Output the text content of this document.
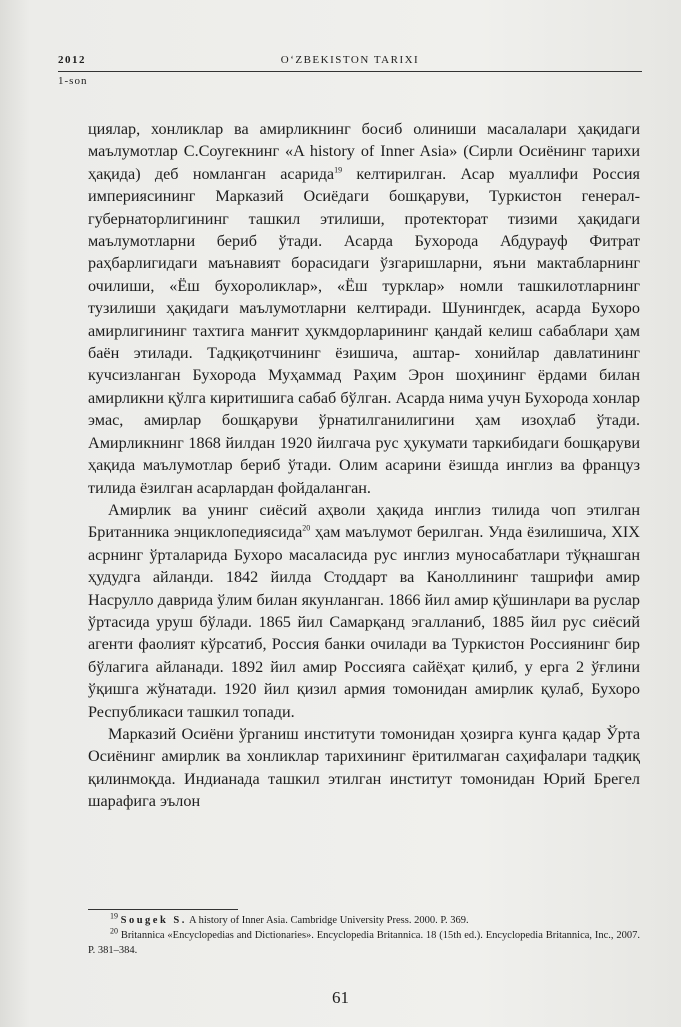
2012	O‘ZBEKISTON TARIXI
1-son

циялар, хонликлар ва амирликнинг босиб олиниши масалалари ҳақидаги маълумотлар С.Соугекнинг «A history of Inner Asia» (Сирли Осиёнинг тарихи ҳақида) деб номланган асарида$^{19}$ келтирилган. Асар муаллифи Россия империясининг Марказий Осиёдаги бошқаруви, Туркистон генерал-губернаторлигининг ташкил этилиши, протекторат тизими ҳақидаги маълумотларни бериб ўтади. Асарда Бухорода Абдурауф Фитрат раҳбарлигидаги маънавият борасидаги ўзгаришларни, яъни мактабларнинг очилиши, «Ёш бухороликлар», «Ёш турклар» номли ташкилотларнинг тузилиши ҳақидаги маълумотларни келтиради. Шунингдек, асарда Бухоро амирлигининг тахтига манғит ҳукмдорларининг қандай келиш сабаблари ҳам баён этилади. Тадқиқотчининг ёзишича, аштар- хонийлар давлатининг кучсизланган Бухорода Муҳаммад Раҳим Эрон шоҳининг ёрдами билан амирликни қўлга киритишига сабаб бўлган. Асарда нима учун Бухорода хонлар эмас, амирлар бошқаруви ўрнатилганилигини ҳам изоҳлаб ўтади. Амирликнинг 1868 йилдан 1920 йилгача рус ҳукумати таркибидаги бошқаруви ҳақида маълумотлар бериб ўтади. Олим асарини ёзишда инглиз ва француз тилида ёзилган асарлардан фойдаланган.

Амирлик ва унинг сиёсий аҳволи ҳақида инглиз тилида чоп этилган Британника энциклопедиясида$^{20}$ ҳам маълумот берилган. Унда ёзилишича, XIX асрнинг ўрталарида Бухоро масаласида рус инглиз муносабатлари тўқнашган ҳудудга айланди. 1842 йилда Стоддарт ва Каноллининг ташрифи амир Насрулло даврида ўлим билан якунланган. 1866 йил амир қўшинлари ва руслар ўртасида уруш бўлади. 1865 йил Самарқанд эгалланиб, 1885 йил рус сиёсий агенти фаолият кўрсатиб, Россия банки очилади ва Туркистон Россиянинг бир бўлагига айланади. 1892 йил амир Россияга сайёҳат қилиб, у ерга 2 ўғлини ўқишга жўнатади. 1920 йил қизил армия томонидан амирлик қулаб, Бухоро Республикаси ташкил топади.

Марказий Осиёни ўрганиш институти томонидан ҳозирга кунга қадар Ўрта Осиёнинг амирлик ва хонликлар тарихининг ёритилмаган саҳифалари тадқиқ қилинмоқда. Индианада ташкил этилган институт томонидан Юрий Брегел шарафига эълон

$^{19}$ Sougek S. A history of Inner Asia. Cambridge University Press. 2000. P. 369.

$^{20}$ Britannica «Encyclopedias and Dictionaries». Encyclopedia Britannica. 18 (15th ed.). Encyclopedia Britannica, Inc., 2007. P. 381–384.

61
